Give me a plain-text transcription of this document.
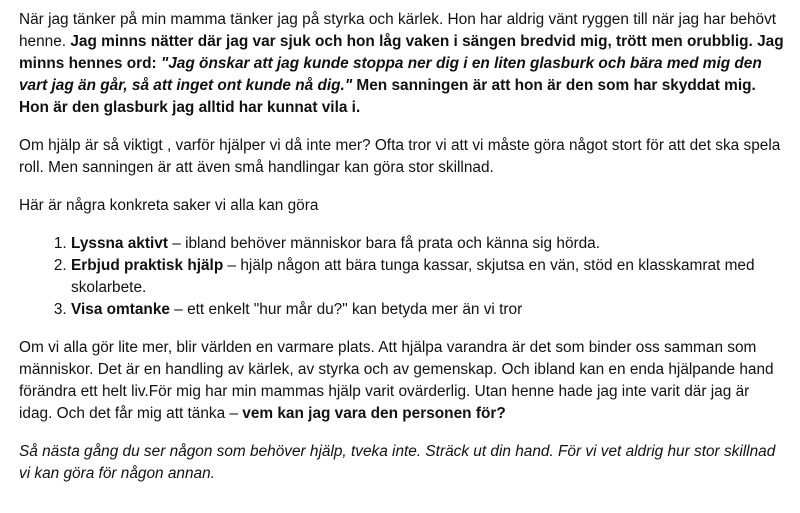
När jag tänker på min mamma tänker jag på styrka och kärlek. Hon har aldrig vänt ryggen till när jag har behövt henne. Jag minns nätter där jag var sjuk och hon låg vaken i sängen bredvid mig, trött men orubblig. Jag minns hennes ord: "Jag önskar att jag kunde stoppa ner dig i en liten glasburk och bära med mig den vart jag än går, så att inget ont kunde nå dig." Men sanningen är att hon är den som har skyddat mig. Hon är den glasburk jag alltid har kunnat vila i.

Om hjälp är så viktigt , varför hjälper vi då inte mer? Ofta tror vi att vi måste göra något stort för att det ska spela roll. Men sanningen är att även små handlingar kan göra stor skillnad.

Här är några konkreta saker vi alla kan göra

1. Lyssna aktivt – ibland behöver människor bara få prata och känna sig hörda.
2. Erbjud praktisk hjälp – hjälp någon att bära tunga kassar, skjutsa en vän, stöd en klasskamrat med skolarbete.
3. Visa omtanke – ett enkelt "hur mår du?" kan betyda mer än vi tror

Om vi alla gör lite mer, blir världen en varmare plats. Att hjälpa varandra är det som binder oss samman som människor. Det är en handling av kärlek, av styrka och av gemenskap. Och ibland kan en enda hjälpande hand förändra ett helt liv.För mig har min mammas hjälp varit ovärderlig. Utan henne hade jag inte varit där jag är idag. Och det får mig att tänka – vem kan jag vara den personen för?

Så nästa gång du ser någon som behöver hjälp, tveka inte. Sträck ut din hand. För vi vet aldrig hur stor skillnad vi kan göra för någon annan.
